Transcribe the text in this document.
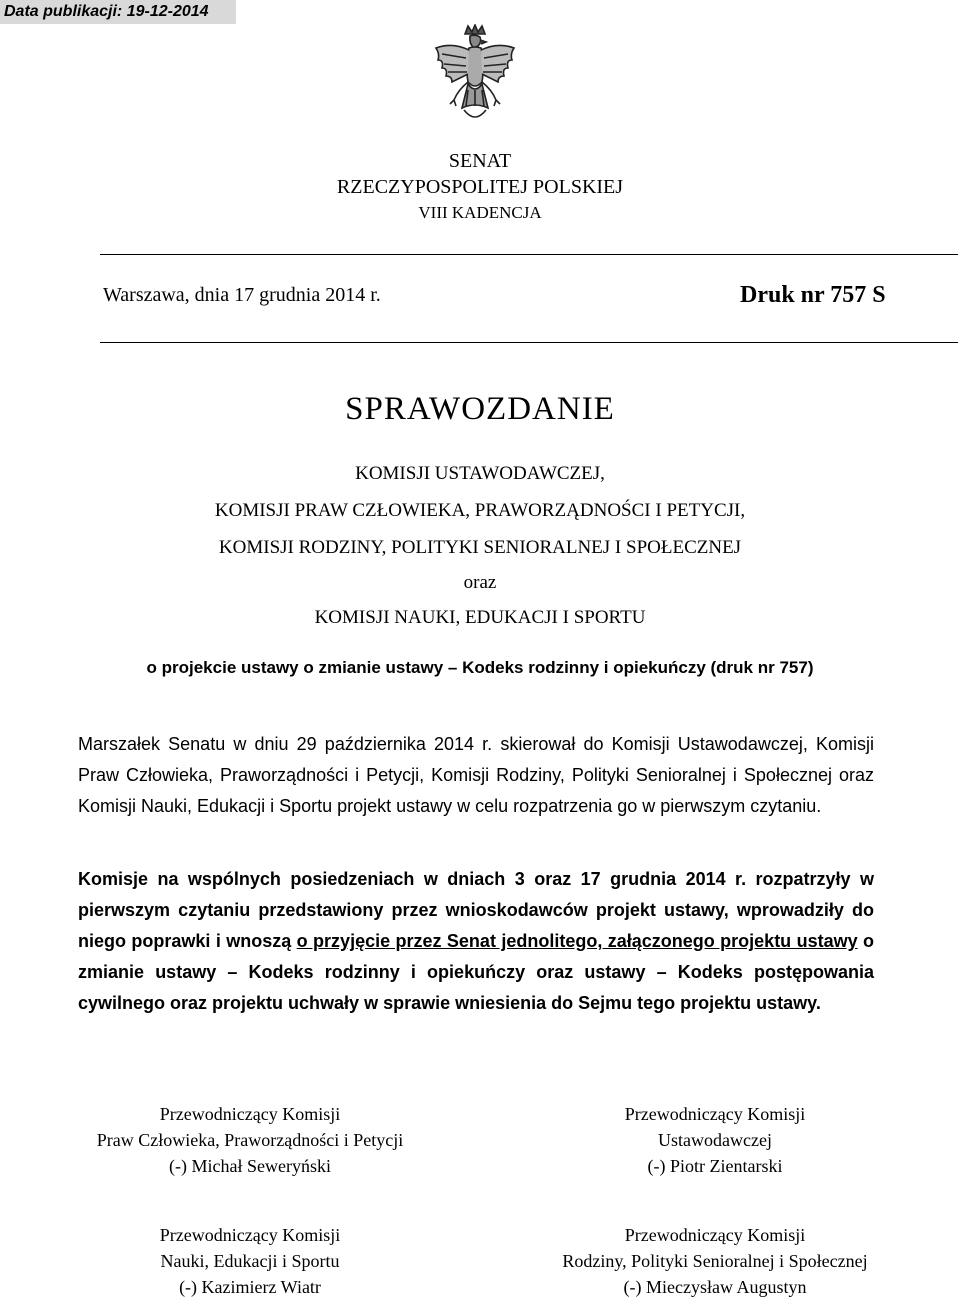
Data publikacji: 19-12-2014
SENAT
RZECZYPOSPOLITEJ POLSKIEJ
VIII KADENCJA
Warszawa, dnia 17 grudnia 2014 r.	Druk nr 757 S
SPRAWOZDANIE
KOMISJI USTAWODAWCZEJ,
KOMISJI PRAW CZŁOWIEKA, PRAWORZĄDNOŚCI I PETYCJI,
KOMISJI RODZINY, POLITYKI SENIORALNEJ I SPOŁECZNEJ
oraz
KOMISJI NAUKI, EDUKACJI I SPORTU
o projekcie ustawy o zmianie ustawy – Kodeks rodzinny i opiekuńczy (druk nr 757)
Marszałek Senatu w dniu 29 października 2014 r. skierował do Komisji Ustawodawczej, Komisji Praw Człowieka, Praworządności i Petycji, Komisji Rodziny, Polityki Senioralnej i Społecznej oraz Komisji Nauki, Edukacji i Sportu projekt ustawy w celu rozpatrzenia go w pierwszym czytaniu.
Komisje na wspólnych posiedzeniach w dniach 3 oraz 17 grudnia 2014 r. rozpatrzyły w pierwszym czytaniu przedstawiony przez wnioskodawców projekt ustawy, wprowadziły do niego poprawki i wnoszą o przyjęcie przez Senat jednolitego, załączonego projektu ustawy o zmianie ustawy – Kodeks rodzinny i opiekuńczy oraz ustawy – Kodeks postępowania cywilnego oraz projektu uchwały w sprawie wniesienia do Sejmu tego projektu ustawy.
Przewodniczący Komisji
Praw Człowieka, Praworządności i Petycji
(-) Michał Seweryński
Przewodniczący Komisji
Ustawodawczej
(-) Piotr Zientarski
Przewodniczący Komisji
Nauki, Edukacji i Sportu
(-) Kazimierz Wiatr
Przewodniczący Komisji
Rodziny, Polityki Senioralnej i Społecznej
(-) Mieczysław Augustyn
